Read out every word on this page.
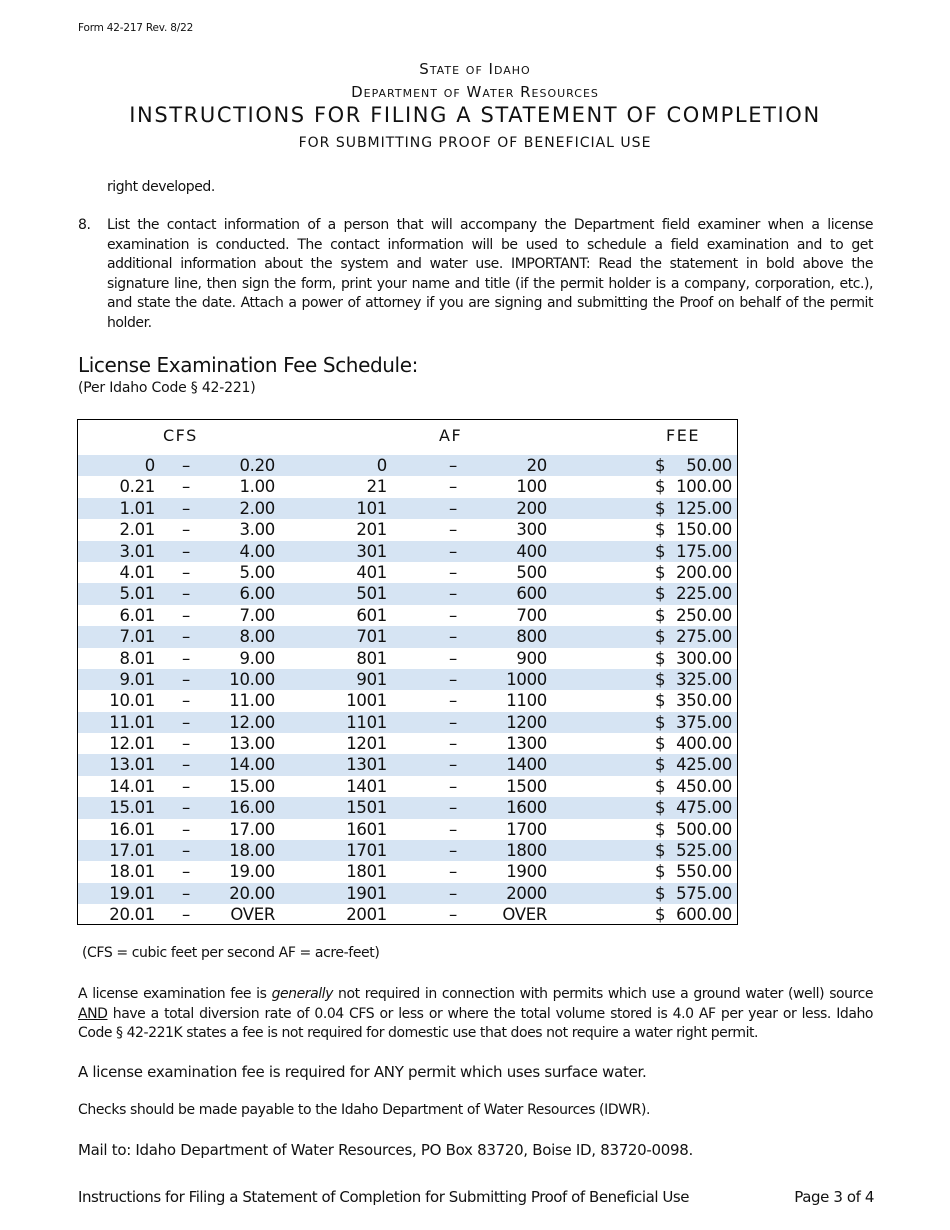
Form 42-217 Rev. 8/22
State of Idaho
Department of Water Resources
INSTRUCTIONS FOR FILING A STATEMENT OF COMPLETION
FOR SUBMITTING PROOF OF BENEFICIAL USE
right developed.
8. List the contact information of a person that will accompany the Department field examiner when a license examination is conducted. The contact information will be used to schedule a field examination and to get additional information about the system and water use. IMPORTANT: Read the statement in bold above the signature line, then sign the form, print your name and title (if the permit holder is a company, corporation, etc.), and state the date. Attach a power of attorney if you are signing and submitting the Proof on behalf of the permit holder.
License Examination Fee Schedule:
(Per Idaho Code § 42-221)
CFS	AF	FEE
0 –	0.20	0	–	20	$ 50.00
0.21 –	1.00	21	–	100	$ 100.00
1.01 –	2.00	101	–	200	$ 125.00
2.01 –	3.00	201	–	300	$ 150.00
3.01 –	4.00	301	–	400	$ 175.00
4.01 –	5.00	401	–	500	$ 200.00
5.01 –	6.00	501	–	600	$ 225.00
6.01 –	7.00	601	–	700	$ 250.00
7.01 –	8.00	701	–	800	$ 275.00
8.01 –	9.00	801	–	900	$ 300.00
9.01 – 10.00	901	–	1000	$ 325.00
10.01 – 11.00	1001	–	1100	$ 350.00
11.01 – 12.00	1101	–	1200	$ 375.00
12.01 – 13.00	1201	–	1300	$ 400.00
13.01 – 14.00	1301	–	1400	$ 425.00
14.01 – 15.00	1401	–	1500	$ 450.00
15.01 – 16.00	1501	–	1600	$ 475.00
16.01 – 17.00	1601	–	1700	$ 500.00
17.01 – 18.00	1701	–	1800	$ 525.00
18.01 – 19.00	1801	–	1900	$ 550.00
19.01 – 20.00	1901	–	2000	$ 575.00
20.01 – OVER	2001	–	OVER	$ 600.00
(CFS = cubic feet per second AF = acre-feet)
A license examination fee is generally not required in connection with permits which use a ground water (well) source AND have a total diversion rate of 0.04 CFS or less or where the total volume stored is 4.0 AF per year or less. Idaho Code § 42-221K states a fee is not required for domestic use that does not require a water right permit.
A license examination fee is required for ANY permit which uses surface water.
Checks should be made payable to the Idaho Department of Water Resources (IDWR).
Mail to: Idaho Department of Water Resources, PO Box 83720, Boise ID, 83720-0098.
Instructions for Filing a Statement of Completion for Submitting Proof of Beneficial Use	Page 3 of 4
